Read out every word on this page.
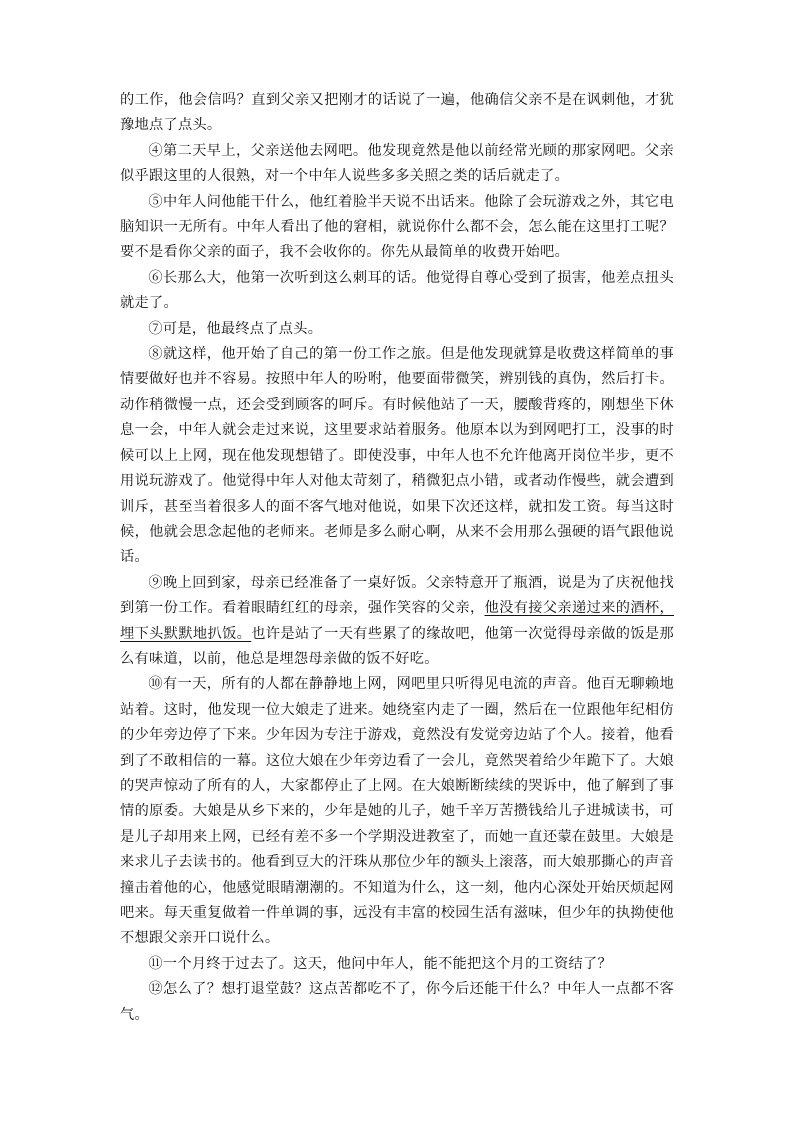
的工作，他会信吗？直到父亲又把刚才的话说了一遍，他确信父亲不是在讽刺他，才犹豫地点了点头。

④第二天早上，父亲送他去网吧。他发现竟然是他以前经常光顾的那家网吧。父亲似乎跟这里的人很熟，对一个中年人说些多多关照之类的话后就走了。

⑤中年人问他能干什么，他红着脸半天说不出话来。他除了会玩游戏之外，其它电脑知识一无所有。中年人看出了他的窘相，就说你什么都不会，怎么能在这里打工呢？要不是看你父亲的面子，我不会收你的。你先从最简单的收费开始吧。

⑥长那么大，他第一次听到这么刺耳的话。他觉得自尊心受到了损害，他差点扭头就走了。

⑦可是，他最终点了点头。

⑧就这样，他开始了自己的第一份工作之旅。但是他发现就算是收费这样简单的事情要做好也并不容易。按照中年人的吩咐，他要面带微笑，辨别钱的真伪，然后打卡。动作稍微慢一点，还会受到顾客的呵斥。有时候他站了一天，腰酸背疼的，刚想坐下休息一会，中年人就会走过来说，这里要求站着服务。他原本以为到网吧打工，没事的时候可以上上网，现在他发现想错了。即使没事，中年人也不允许他离开岗位半步，更不用说玩游戏了。他觉得中年人对他太苛刻了，稍微犯点小错，或者动作慢些，就会遭到训斥，甚至当着很多人的面不客气地对他说，如果下次还这样，就扣发工资。每当这时候，他就会思念起他的老师来。老师是多么耐心啊，从来不会用那么强硬的语气跟他说话。

⑨晚上回到家，母亲已经准备了一桌好饭。父亲特意开了瓶酒，说是为了庆祝他找到第一份工作。看着眼睛红红的母亲，强作笑容的父亲，他没有接父亲递过来的酒杯，埋下头默默地扒饭。也许是站了一天有些累了的缘故吧，他第一次觉得母亲做的饭是那么有味道，以前，他总是埋怨母亲做的饭不好吃。

⑩有一天，所有的人都在静静地上网，网吧里只听得见电流的声音。他百无聊赖地站着。这时，他发现一位大娘走了进来。她绕室内走了一圈，然后在一位跟他年纪相仿的少年旁边停了下来。少年因为专注于游戏，竟然没有发觉旁边站了个人。接着，他看到了不敢相信的一幕。这位大娘在少年旁边看了一会儿，竟然哭着给少年跪下了。大娘的哭声惊动了所有的人，大家都停止了上网。在大娘断断续续的哭诉中，他了解到了事情的原委。大娘是从乡下来的，少年是她的儿子，她千辛万苦攒钱给儿子进城读书，可是儿子却用来上网，已经有差不多一个学期没进教室了，而她一直还蒙在鼓里。大娘是来求儿子去读书的。他看到豆大的汗珠从那位少年的额头上滚落，而大娘那撕心的声音撞击着他的心，他感觉眼睛潮潮的。不知道为什么，这一刻，他内心深处开始厌烦起网吧来。每天重复做着一件单调的事，远没有丰富的校园生活有滋味，但少年的执拗使他不想跟父亲开口说什么。

⑪一个月终于过去了。这天，他问中年人，能不能把这个月的工资结了？

⑫怎么了？想打退堂鼓？这点苦都吃不了，你今后还能干什么？中年人一点都不客气。
